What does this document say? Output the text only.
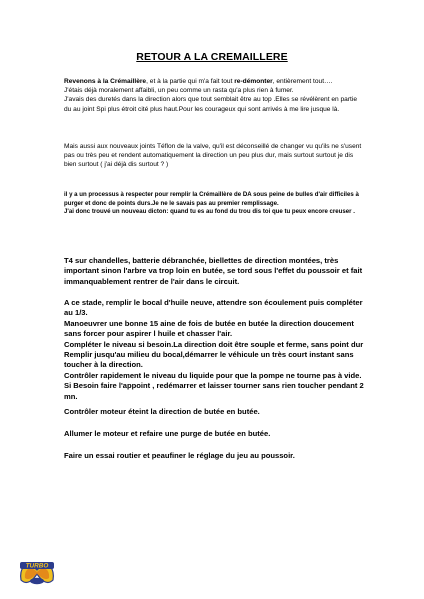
RETOUR A LA CREMAILLERE

Revenons à la Crémaillère, et à la partie qui m'a fait tout re-démonter, entièrement tout….
J'étais déjà moralement affaibli, un peu comme un rasta qu'a plus rien à fumer.
J'avais des duretés dans la direction alors que tout semblait être au top .Elles se révélèrent en partie du au joint Spi plus étroit cité plus haut.Pour les courageux qui sont arrivés à me lire jusque là.

Mais aussi aux nouveaux joints Téflon de la valve, qu'il est déconseillé de changer vu qu'ils ne s'usent pas ou très peu et rendent automatiquement la direction un peu plus dur, mais surtout surtout je dis bien surtout ( j'ai déjà dis surtout ? )

il y a un processus à respecter pour remplir la Crémaillère de DA sous peine de bulles d'air difficiles à purger et donc de points durs.Je ne le savais pas au premier remplissage.
J'ai donc trouvé un nouveau dicton: quand tu es au fond du trou dis toi que tu peux encore creuser .

T4 sur chandelles, batterie débranchée, biellettes de direction montées, très important sinon l'arbre va trop loin en butée, se tord sous l'effet du poussoir et fait immanquablement rentrer de l'air dans le circuit.

A ce stade, remplir le bocal d'huile neuve, attendre son écoulement puis compléter au 1/3.
Manoeuvrer une bonne 15 aine de fois de butée en butée la direction doucement sans forcer pour aspirer l huile et chasser l'air.
Compléter le niveau si besoin.La direction doit être souple et ferme, sans point dur

Remplir jusqu'au milieu du bocal,démarrer le véhicule un très court instant sans toucher à la direction.
Contrôler rapidement le niveau du liquide pour que la pompe ne tourne pas à vide.
Si Besoin faire l'appoint , redémarrer et laisser tourner sans rien toucher pendant 2 mn.

Contrôler moteur éteint la direction de butée en butée.

Allumer le moteur et refaire une purge de butée en butée.

Faire un essai routier et peaufiner le réglage du jeu au poussoir.

TURBO
